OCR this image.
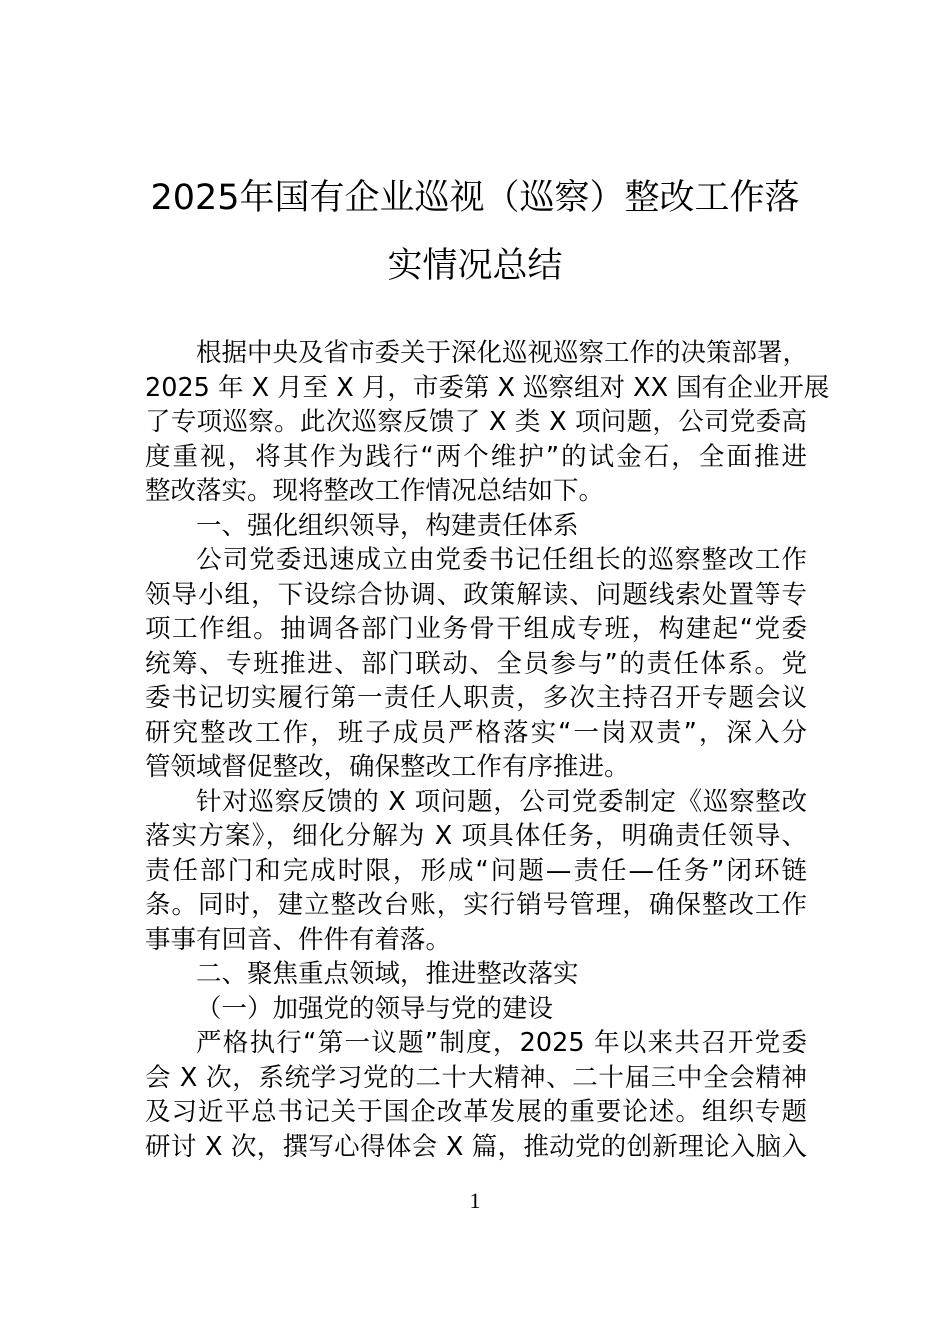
2025年国有企业巡视（巡察）整改工作落
实情况总结
根据中央及省市委关于深化巡视巡察工作的决策部署，
2025 年 X 月至 X 月，市委第 X 巡察组对 XX 国有企业开展
了专项巡察。此次巡察反馈了 X 类 X 项问题，公司党委高
度重视，将其作为践行“两个维护”的试金石，全面推进
整改落实。现将整改工作情况总结如下。
一、强化组织领导，构建责任体系
公司党委迅速成立由党委书记任组长的巡察整改工作
领导小组，下设综合协调、政策解读、问题线索处置等专
项工作组。抽调各部门业务骨干组成专班，构建起“党委
统筹、专班推进、部门联动、全员参与”的责任体系。党
委书记切实履行第一责任人职责，多次主持召开专题会议
研究整改工作，班子成员严格落实“一岗双责”，深入分
管领域督促整改，确保整改工作有序推进。
针对巡察反馈的 X 项问题，公司党委制定《巡察整改
落实方案》，细化分解为 X 项具体任务，明确责任领导、
责任部门和完成时限，形成“问题—责任—任务”闭环链
条。同时，建立整改台账，实行销号管理，确保整改工作
事事有回音、件件有着落。
二、聚焦重点领域，推进整改落实
（一）加强党的领导与党的建设
严格执行“第一议题”制度，2025 年以来共召开党委
会 X 次，系统学习党的二十大精神、二十届三中全会精神
及习近平总书记关于国企改革发展的重要论述。组织专题
研讨 X 次，撰写心得体会 X 篇，推动党的创新理论入脑入
1
